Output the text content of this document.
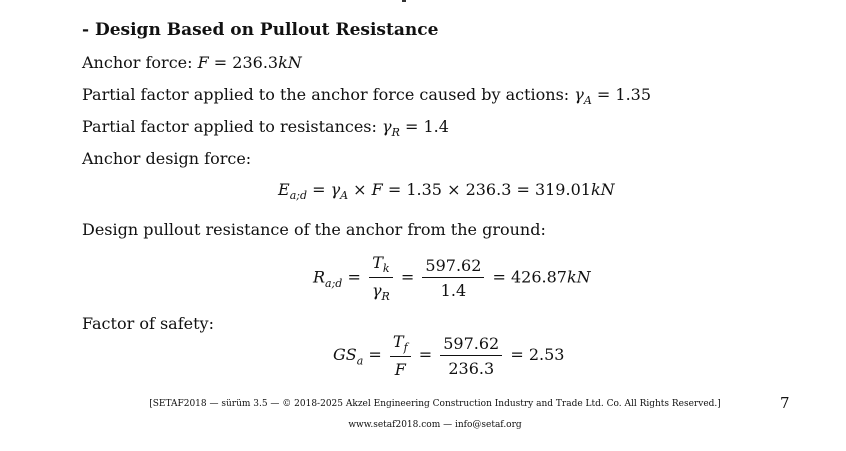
- Design Based on Pullout Resistance
Anchor force: F = 236.3kN
Partial factor applied to the anchor force caused by actions: $\gamma_A = 1.35$
Partial factor applied to resistances: $\gamma_R = 1.4$
Anchor design force:
$E_{a;d} = \gamma_A \times F = 1.35 \times 236.3 = 319.01kN$
Design pullout resistance of the anchor from the ground:
$R_{a;d} = \frac{T_k}{\gamma_R} = \frac{597.62}{1.4} = 426.87kN$
Factor of safety:
$GS_a = \frac{T_f}{F} = \frac{597.62}{236.3} = 2.53$
[SETAF2018 — sürüm 3.5 — © 2018-2025 Akzel Engineering Construction Industry and Trade Ltd. Co. All Rights Reserved.]
www.setaf2018.com — info@setaf.org
7
